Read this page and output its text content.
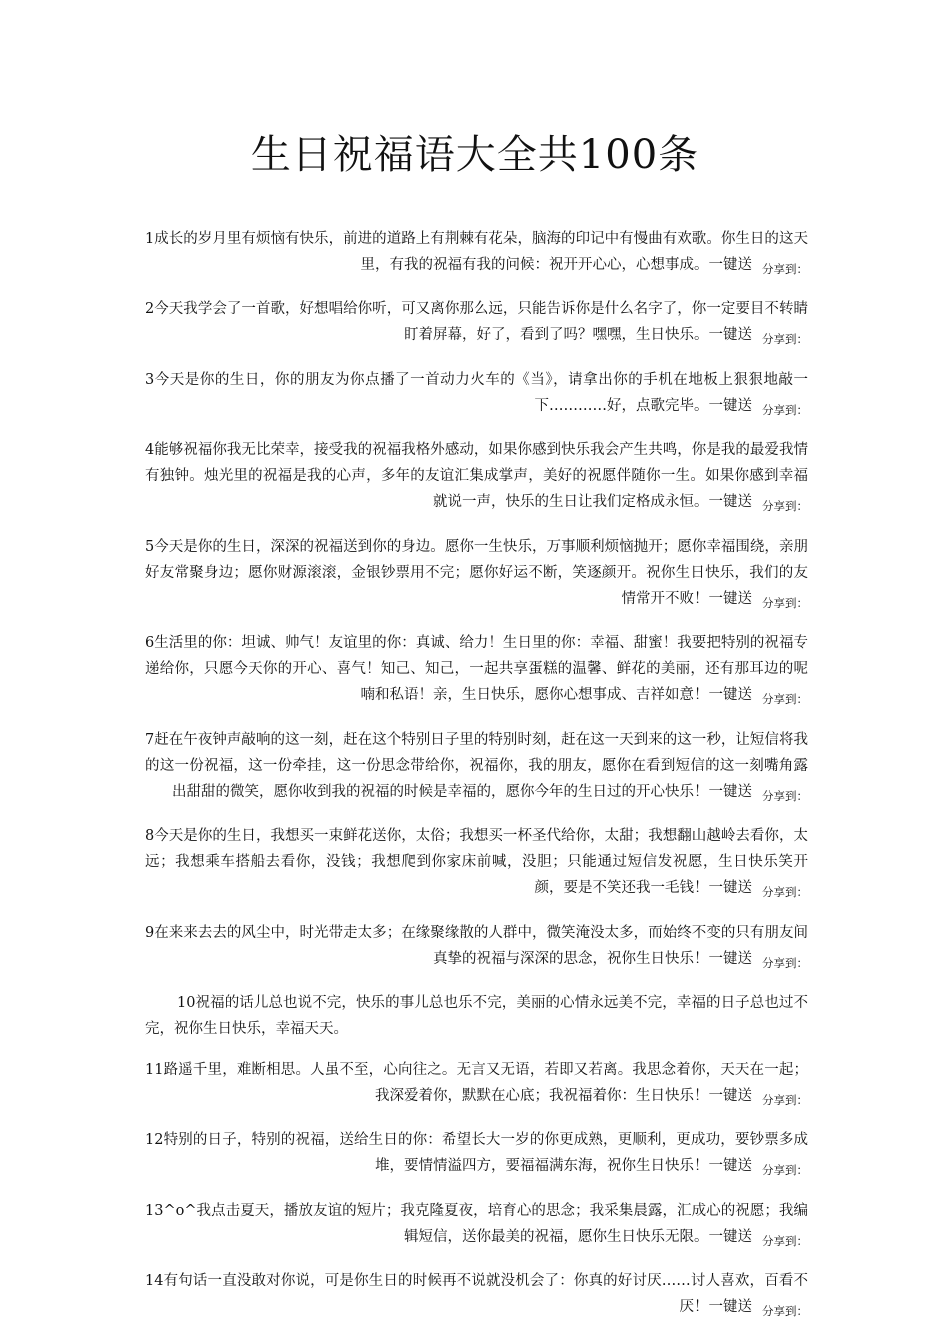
生日祝福语大全共100条

1成长的岁月里有烦恼有快乐，前进的道路上有荆棘有花朵，脑海的印记中有慢曲有欢歌。你生日的这天里，有我的祝福有我的问候：祝开开心心，心想事成。一键送 $_{分享到:}$

2今天我学会了一首歌，好想唱给你听，可又离你那么远，只能告诉你是什么名字了，你一定要目不转睛盯着屏幕，好了，看到了吗？嘿嘿，生日快乐。一键送 $_{分享到:}$

3今天是你的生日，你的朋友为你点播了一首动力火车的《当》，请拿出你的手机在地板上狠狠地敲一下…………好，点歌完毕。一键送 $_{分享到:}$

4能够祝福你我无比荣幸，接受我的祝福我格外感动，如果你感到快乐我会产生共鸣，你是我的最爱我情有独钟。烛光里的祝福是我的心声，多年的友谊汇集成掌声，美好的祝愿伴随你一生。如果你感到幸福就说一声，快乐的生日让我们定格成永恒。一键送 $_{分享到:}$

5今天是你的生日，深深的祝福送到你的身边。愿你一生快乐，万事顺利烦恼抛开；愿你幸福围绕，亲朋好友常聚身边；愿你财源滚滚，金银钞票用不完；愿你好运不断，笑逐颜开。祝你生日快乐，我们的友情常开不败！一键送 $_{分享到:}$

6生活里的你：坦诚、帅气！友谊里的你：真诚、给力！生日里的你：幸福、甜蜜！我要把特别的祝福专递给你，只愿今天你的开心、喜气！知己、知己，一起共享蛋糕的温馨、鲜花的美丽，还有那耳边的呢喃和私语！亲，生日快乐，愿你心想事成、吉祥如意！一键送 $_{分享到:}$

7赶在午夜钟声敲响的这一刻，赶在这个特别日子里的特别时刻，赶在这一天到来的这一秒，让短信将我的这一份祝福，这一份牵挂，这一份思念带给你，祝福你，我的朋友，愿你在看到短信的这一刻嘴角露出甜甜的微笑，愿你收到我的祝福的时候是幸福的，愿你今年的生日过的开心快乐！一键送 $_{分享到:}$

8今天是你的生日，我想买一束鲜花送你，太俗；我想买一杯圣代给你，太甜；我想翻山越岭去看你，太远；我想乘车搭船去看你，没钱；我想爬到你家床前喊，没胆；只能通过短信发祝愿，生日快乐笑开颜，要是不笑还我一毛钱！一键送 $_{分享到:}$

9在来来去去的风尘中，时光带走太多；在缘聚缘散的人群中，微笑淹没太多，而始终不变的只有朋友间真挚的祝福与深深的思念，祝你生日快乐！一键送 $_{分享到:}$

10祝福的话儿总也说不完，快乐的事儿总也乐不完，美丽的心情永远美不完，幸福的日子总也过不完，祝你生日快乐，幸福天天。

11路遥千里，难断相思。人虽不至，心向往之。无言又无语，若即又若离。我思念着你，天天在一起；我深爱着你，默默在心底；我祝福着你：生日快乐！一键送 $_{分享到:}$

12特别的日子，特别的祝福，送给生日的你：希望长大一岁的你更成熟，更顺利，更成功，要钞票多成堆，要情情溢四方，要福福满东海，祝你生日快乐！一键送 $_{分享到:}$

13^o^我点击夏天，播放友谊的短片；我克隆夏夜，培育心的思念；我采集晨露，汇成心的祝愿；我编辑短信，送你最美的祝福，愿你生日快乐无限。一键送 $_{分享到:}$

14有句话一直没敢对你说，可是你生日的时候再不说就没机会了：你真的好讨厌……讨人喜欢，百看不厌！一键送 $_{分享到:}$
